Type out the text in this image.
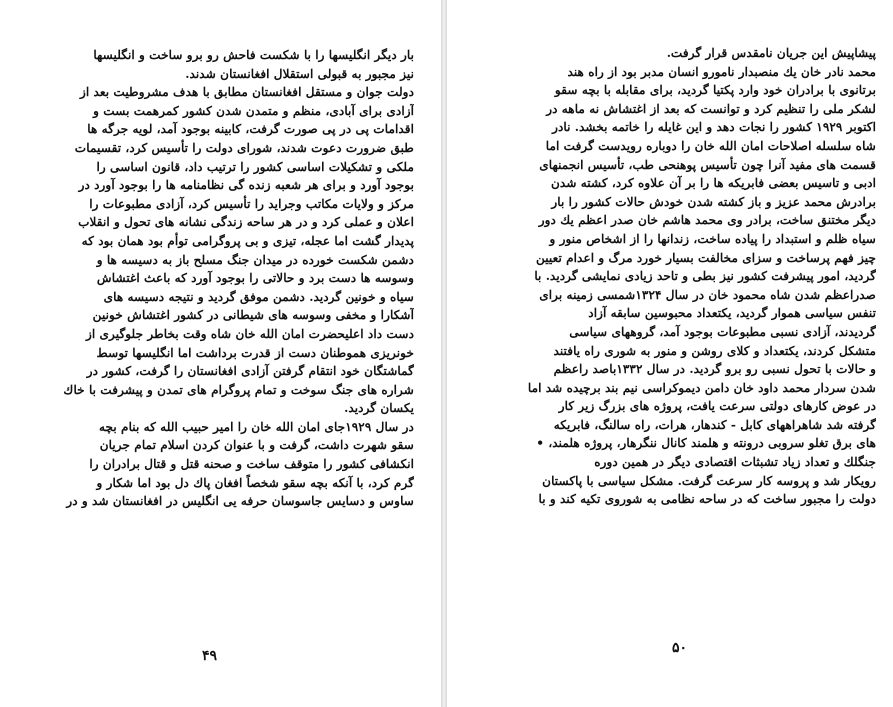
بار دیگر انگلیسها را با شکست فاحش رو برو ساخت و انگلیسها
نیز مجبور به قبولی استقلال افغانستان شدند.
دولت جوان و مستقل افغانستان مطابق با هدف مشروطیت بعد از
آزادی برای آبادی، منظم و متمدن شدن کشور کمرهمت بست و
اقدامات پی در پی صورت گرفت، کابینه بوجود آمد، لویه جرگه ها
طبق ضرورت دعوت شدند، شورای دولت را تأسیس کرد، تقسیمات
ملکی و تشکیلات اساسی کشور را ترتیب داد، قانون اساسی را
بوجود آورد و برای هر شعبه زنده گی نظامنامه ها را بوجود آورد در
مرکز و ولایات مکاتب وجراید را تأسیس کرد، آزادی مطبوعات را
اعلان و عملی کرد و در هر ساحه زندگی نشانه های تحول و انقلاب
پدیدار گشت اما عجله، تیزی و بی پروگرامی توأم بود همان بود که
دشمن شکست خورده در میدان جنگ مسلح باز به دسیسه ها و
وسوسه ها دست برد و حالاتی را بوجود آورد که باعث اغتشاش
سیاه و خونین گردید. دشمن موفق گردید و نتیجه دسیسه های
آشکارا و مخفی وسوسه های شیطانی در کشور اغتشاش خونین
دست داد اعلیحضرت امان الله خان شاه وقت بخاطر جلوگیری از
خونریزی هموطنان دست از قدرت برداشت اما انگلیسها توسط
گماشتگان خود انتقام گرفتن آزادی افغانستان را گرفت، کشور در
شراره های جنگ سوخت و تمام پروگرام های تمدن و پیشرفت با خاك
یکسان گردید.
در سال ۱۹۲۹جای امان الله خان را امیر حبیب الله که بنام بچه
سقو شهرت داشت، گرفت و با عنوان کردن اسلام تمام جریان
انکشافی کشور را متوقف ساخت و صحنه قتل و قتال برادران را
گرم کرد، با آنکه بچه سقو شخصاً افغان پاك دل بود اما شکار و
ساوس و دسایس جاسوسان حرفه یی انگلیس در افغانستان شد و در
۴۹
پیشاپیش این جریان نامقدس قرار گرفت.
محمد نادر خان یك منصبدار نامورو انسان مدبر بود از راه هند
برتانوی با برادران خود وارد پکتیا گردید، برای مقابله با بچه سقو
لشکر ملی را تنظیم کرد و توانست که بعد از اغتشاش نه ماهه در
اکتوبر ۱۹۲۹ کشور را نجات دهد و این غایله را خاتمه بخشد. نادر
شاه سلسله اصلاحات امان الله خان را دوباره رویدست گرفت اما
قسمت های مفید آنرا چون تأسیس پوهنحی طب، تأسیس انجمنهای
ادبی و تاسیس بعضی فابریکه ها را بر آن علاوه کرد، کشته شدن
برادرش محمد عزیز و باز کشته شدن خودش حالات کشور را بار
دیگر مختنق ساخت، برادر وی محمد هاشم خان صدر اعظم یك دور
سیاه ظلم و استبداد را پیاده ساخت، زندانها را از اشخاص منور و
چیز فهم پرساخت و سزای مخالفت بسیار خورد مرگ و اعدام تعیین
گردید، امور پیشرفت کشور نیز بطی و تاحد زیادی نمایشی گردید. با
صدراعظم شدن شاه محمود خان در سال ۱۳۲۴شمسی زمینه برای
تنفس سیاسی هموار گردید، یکتعداد محبوسین سابقه آزاد
گردیدند، آزادی نسبی مطبوعات بوجود آمد، گروهها‌ی سیاسی
متشکل کردند، یکتعداد و کلای روشن و منور به شوری راه یافتند
و حالات با تحول نسبی رو برو گردید. در سال ۱۳۳۲باصد راعظم
شدن سردار محمد داود خان دامن دیموکراسی نیم بند برچیده شد اما
در عوض کارهای دولتی سرعت یافت، پروژه های بزرگ زیر کار
گرفته شد شاهراههای کابل - کندهار، هرات، راه سالنگ، فابریکه
های برق تغلو سروبی درونته و هلمند کانال ننگرهار، پروژه هلمند، •
جنگلك و تعداد زیاد تشبثات اقتصادی دیگر در همین دوره
رویکار شد و پروسه کار سرعت گرفت. مشکل سیاسی با پاکستان
دولت را مجبور ساخت که در ساحه نظامی به شوروی تکیه کند و با
۵۰
